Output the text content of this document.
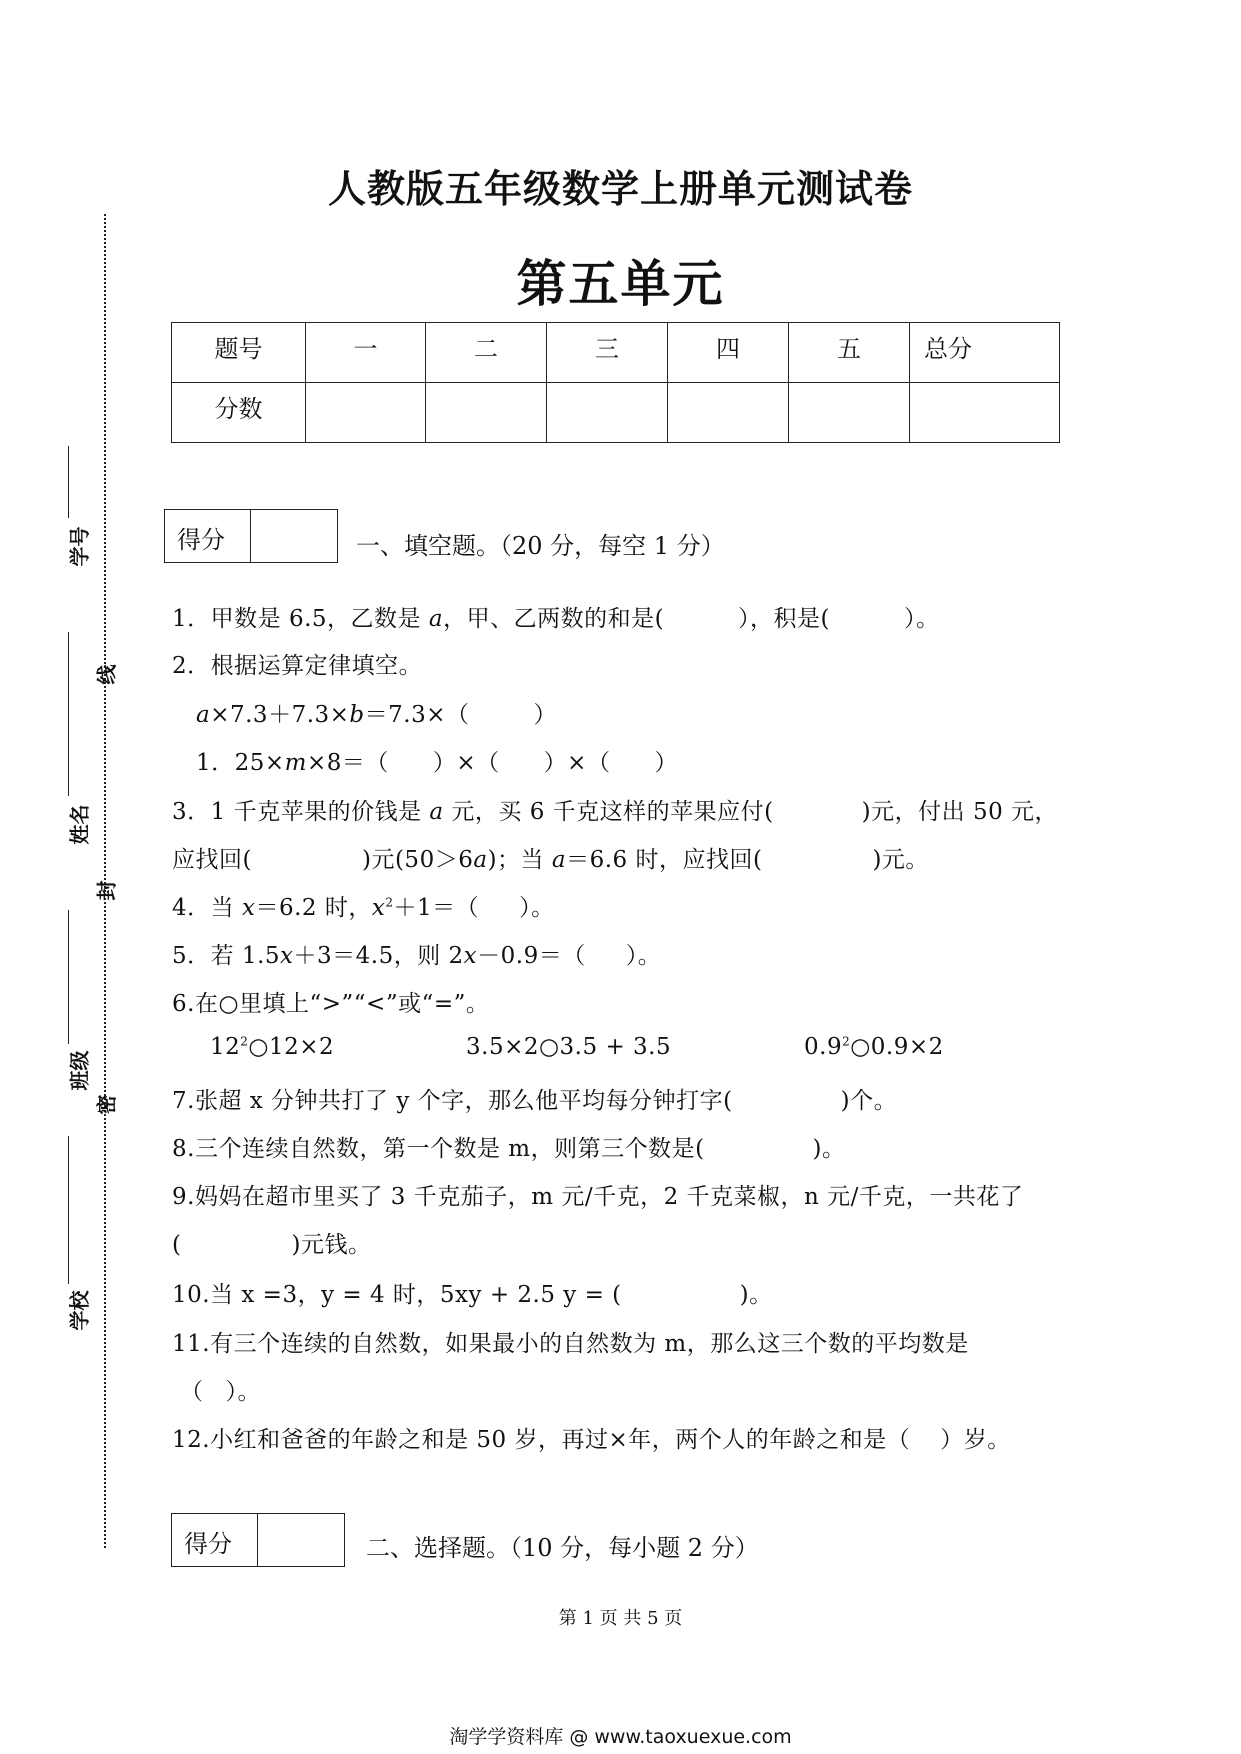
线
封
密
学号
姓名
班级
学校
人教版五年级数学上册单元测试卷
第五单元
题号	一	二	三	四	五	总分
分数						
得分	一、填空题。（20 分，每空 1 分）
1．甲数是 6.5，乙数是 a，甲、乙两数的和是(	），积是(	）。
2．根据运算定律填空。
a×7.3＋7.3×b＝7.3×（	）
1．25×m×8＝（ ）×（ ）×（ ）
3．1 千克苹果的价钱是 a 元，买 6 千克这样的苹果应付(	)元，付出 50 元，
应找回(	)元(50＞6a)；当 a＝6.6 时，应找回(	)元。
4．当 x＝6.2 时，$x^2+1=$（ ）。
5．若 1.5x＋3＝4.5，则 2x－0.9＝（ ）。
6.在○里填上“>”“<”或“=”。
$12^2○12\times 2$	3.5×2○3.5 + 3.5	$0.9^2○0.9\times 2$
7.张超 x 分钟共打了 y 个字，那么他平均每分钟打字(	)个。
8.三个连续自然数，第一个数是 m，则第三个数是(	)。
9.妈妈在超市里买了 3 千克茄子，m 元/千克，2 千克菜椒，n 元/千克，一共花了
(	)元钱。
10.当 x =3，y = 4 时，5xy + 2.5 y = (	)。
11.有三个连续的自然数，如果最小的自然数为 m，那么这三个数的平均数是
（ ）。
12.小红和爸爸的年龄之和是 50 岁，再过×年，两个人的年龄之和是（ ）岁。
得分	二、选择题。（10 分，每小题 2 分）
第 1 页 共 5 页
淘学学资料库 @ www.taoxuexue.com
